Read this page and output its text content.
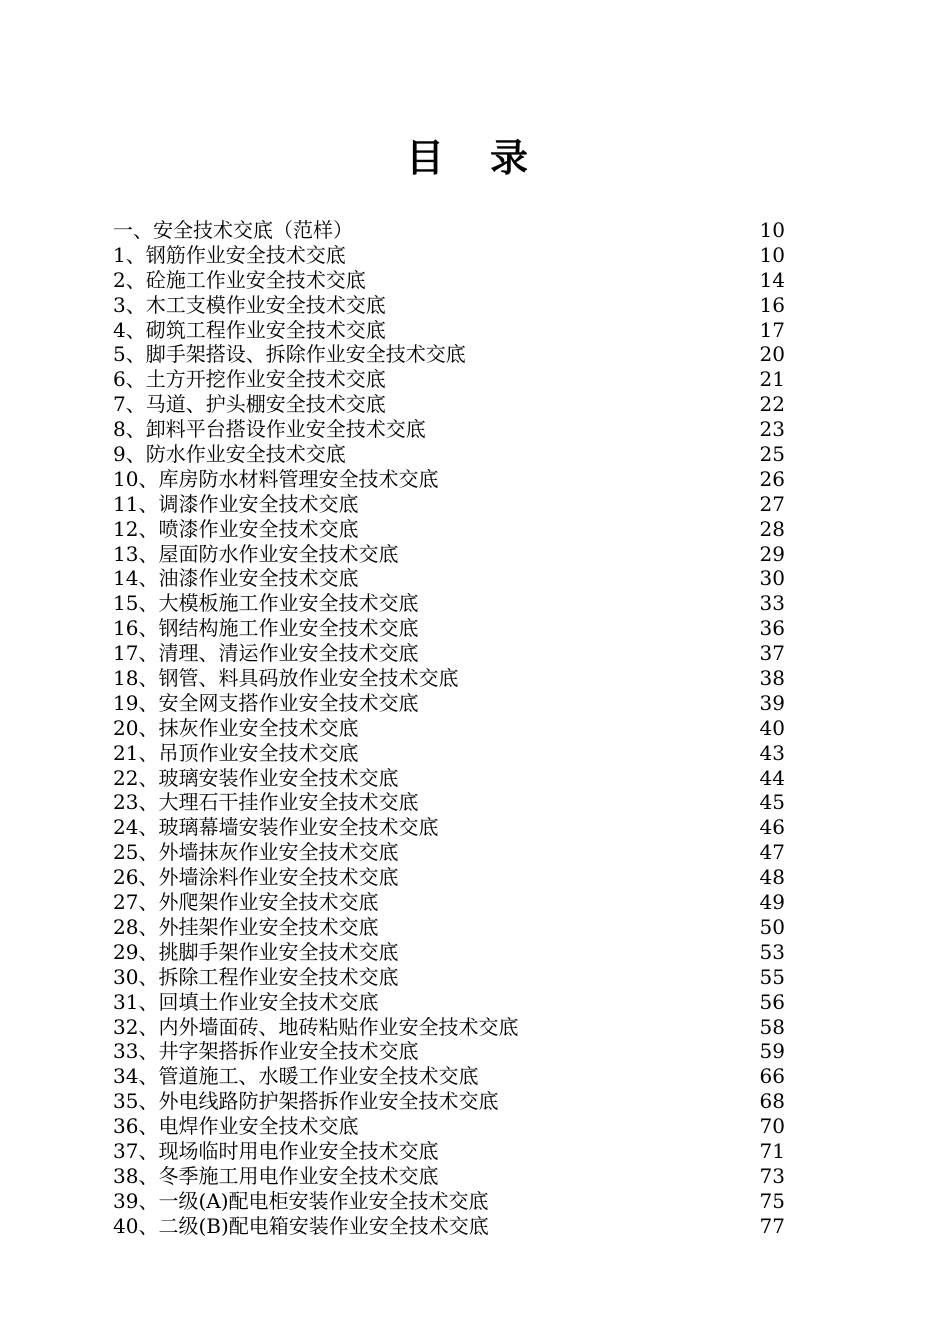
目录
一、安全技术交底（范样）	10
1、钢筋作业安全技术交底	10
2、砼施工作业安全技术交底	14
3、木工支模作业安全技术交底	16
4、砌筑工程作业安全技术交底	17
5、脚手架搭设、拆除作业安全技术交底	20
6、土方开挖作业安全技术交底	21
7、马道、护头棚安全技术交底	22
8、卸料平台搭设作业安全技术交底	23
9、防水作业安全技术交底	25
10、库房防水材料管理安全技术交底	26
11、调漆作业安全技术交底	27
12、喷漆作业安全技术交底	28
13、屋面防水作业安全技术交底	29
14、油漆作业安全技术交底	30
15、大模板施工作业安全技术交底	33
16、钢结构施工作业安全技术交底	36
17、清理、清运作业安全技术交底	37
18、钢管、料具码放作业安全技术交底	38
19、安全网支搭作业安全技术交底	39
20、抹灰作业安全技术交底	40
21、吊顶作业安全技术交底	43
22、玻璃安装作业安全技术交底	44
23、大理石干挂作业安全技术交底	45
24、玻璃幕墙安装作业安全技术交底	46
25、外墙抹灰作业安全技术交底	47
26、外墙涂料作业安全技术交底	48
27、外爬架作业安全技术交底	49
28、外挂架作业安全技术交底	50
29、挑脚手架作业安全技术交底	53
30、拆除工程作业安全技术交底	55
31、回填土作业安全技术交底	56
32、内外墙面砖、地砖粘贴作业安全技术交底	58
33、井字架搭拆作业安全技术交底	59
34、管道施工、水暖工作业安全技术交底	66
35、外电线路防护架搭拆作业安全技术交底	68
36、电焊作业安全技术交底	70
37、现场临时用电作业安全技术交底	71
38、冬季施工用电作业安全技术交底	73
39、一级(A)配电柜安装作业安全技术交底	75
40、二级(B)配电箱安装作业安全技术交底	77
